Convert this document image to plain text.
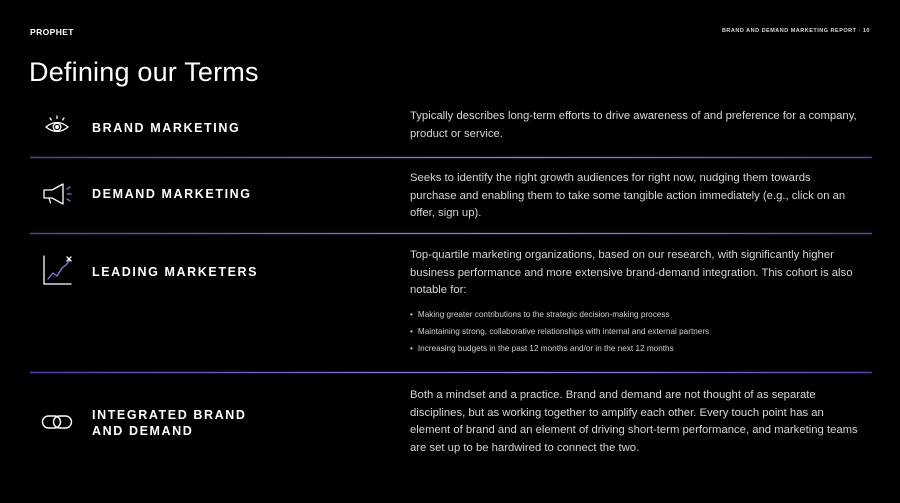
PROPHET	BRAND AND DEMAND MARKETING REPORT · 10
Defining our Terms
BRAND MARKETING

Typically describes long-term efforts to drive awareness of and preference for a company, product or service.

DEMAND MARKETING

Seeks to identify the right growth audiences for right now, nudging them towards purchase and enabling them to take some tangible action immediately (e.g., click on an offer, sign up).

LEADING MARKETERS

Top-quartile marketing organizations, based on our research, with significantly higher business performance and more extensive brand-demand integration. This cohort is also notable for:

• Making greater contributions to the strategic decision-making process
• Maintaining strong, collaborative relationships with internal and external partners
• Increasing budgets in the past 12 months and/or in the next 12 months
INTEGRATED BRAND
AND DEMAND

Both a mindset and a practice. Brand and demand are not thought of as separate disciplines, but as working together to amplify each other. Every touch point has an element of brand and an element of driving short-term performance, and marketing teams are set up to be hardwired to connect the two.
